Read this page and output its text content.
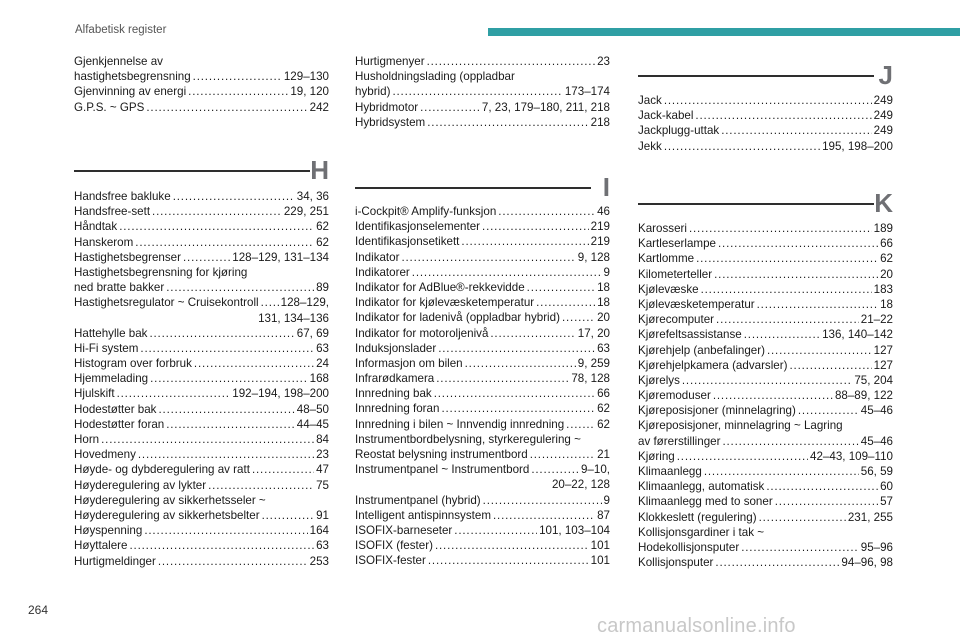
Alfabetisk register
Gjenkjennelse av
hastighetsbegrensning . . .	129–130
Gjenvinning av energi . . .	19, 120
G.P.S. ~ GPS . . .	242
H
Handsfree bakluke . . .	34, 36
Handsfree-sett . . .	229, 251
Håndtak . . .	62
Hanskerom . . .	62
Hastighetsbegrenser . . .	128–129, 131–134
Hastighetsbegrensning for kjøring
ned bratte bakker . . .	89
Hastighetsregulator ~ Cruisekontroll . . . 128–129,
131, 134–136
Hattehylle bak . . .	67, 69
Hi-Fi system . . .	63
Histogram over forbruk . . .	24
Hjemmelading . . .	168
Hjulskift . . .	192–194, 198–200
Hodestøtter bak . . .	48–50
Hodestøtter foran . . .	44–45
Horn . . .	84
Hovedmeny . . .	23
Høyde- og dybderegulering av ratt . . .	47
Høyderegulering av lykter . . .	75
Høyderegulering av sikkerhetsseler ~
Høyderegulering av sikkerhetsbelter . . .	91
Høyspenning . . .	164
Høyttalere . . .	63
Hurtigmeldinger . . .	253
Hurtigmenyer . . .	23
Husholdningslading (oppladbar
hybrid) . . .	173–174
Hybridmotor . . .	7, 23, 179–180, 211, 218
Hybridsystem . . .	218
I
i-Cockpit® Amplify-funksjon . . .	46
Identifikasjonselementer . . .	219
Identifikasjonsetikett . . .	219
Indikator . . .	9, 128
Indikatorer . . .	9
Indikator for AdBlue®-rekkevidde . . .	18
Indikator for kjølevæsketemperatur . . .	18
Indikator for ladenivå (oppladbar hybrid) . . .	20
Indikator for motoroljenivå . . .	17, 20
Induksjonslader . . .	63
Informasjon om bilen . . .	9, 259
Infrarødkamera . . .	78, 128
Innredning bak . . .	66
Innredning foran . . .	62
Innredning i bilen ~ Innvendig innredning . . .	62
Instrumentbordbelysning, styrkeregulering ~
Reostat belysning instrumentbord . . .	21
Instrumentpanel ~ Instrumentbord . . .	9–10,
20–22, 128
Instrumentpanel (hybrid) . . .	9
Intelligent antispinnsystem . . .	87
ISOFIX-barneseter . . .	101, 103–104
ISOFIX (fester) . . .	101
ISOFIX-fester . . .	101
J
Jack . . .	249
Jack-kabel . . .	249
Jackplugg-uttak . . .	249
Jekk . . .	195, 198–200
K
Karosseri . . .	189
Kartleserlampe . . .	66
Kartlomme . . .	62
Kilometerteller . . .	20
Kjølevæske . . .	183
Kjølevæsketemperatur . . .	18
Kjørecomputer . . .	21–22
Kjørefeltsassistanse . . .	136, 140–142
Kjørehjelp (anbefalinger) . . .	127
Kjørehjelpkamera (advarsler) . . .	127
Kjørelys . . .	75, 204
Kjøremoduser . . .	88–89, 122
Kjøreposisjoner (minnelagring) . . .	45–46
Kjøreposisjoner, minnelagring ~ Lagring
av førerstillinger . . .	45–46
Kjøring . . .	42–43, 109–110
Klimaanlegg . . .	56, 59
Klimaanlegg, automatisk . . .	60
Klimaanlegg med to soner . . .	57
Klokkeslett (regulering) . . .	231, 255
Kollisjonsgardiner i tak ~
Hodekollisjonsputer . . .	95–96
Kollisjonsputer . . .	94–96, 98
264
carmanualsonline.info
